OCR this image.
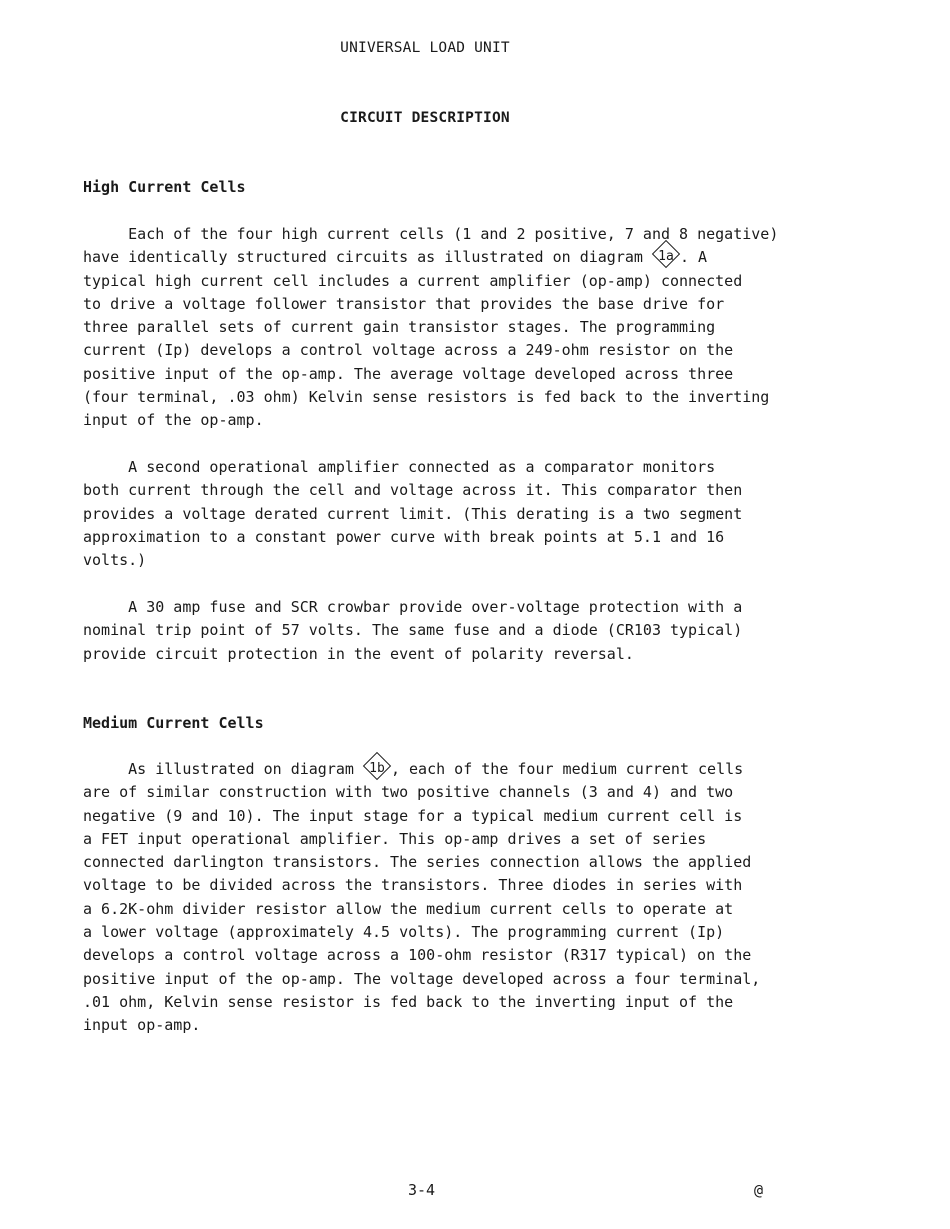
UNIVERSAL LOAD UNIT
CIRCUIT DESCRIPTION
High Current Cells
Each of the four high current cells (1 and 2 positive, 7 and 8 negative)
have identically structured circuits as illustrated on diagram 1a . A
typical high current cell includes a current amplifier (op-amp) connected
to drive a voltage follower transistor that provides the base drive for
three parallel sets of current gain transistor stages. The programming
current (Ip) develops a control voltage across a 249-ohm resistor on the
positive input of the op-amp. The average voltage developed across three
(four terminal, .03 ohm) Kelvin sense resistors is fed back to the inverting
input of the op-amp.
A second operational amplifier connected as a comparator monitors
both current through the cell and voltage across it. This comparator then
provides a voltage derated current limit. (This derating is a two segment
approximation to a constant power curve with break points at 5.1 and 16
volts.)
A 30 amp fuse and SCR crowbar provide over-voltage protection with a
nominal trip point of 57 volts. The same fuse and a diode (CR103 typical)
provide circuit protection in the event of polarity reversal.
Medium Current Cells
As illustrated on diagram 1b , each of the four medium current cells
are of similar construction with two positive channels (3 and 4) and two
negative (9 and 10). The input stage for a typical medium current cell is
a FET input operational amplifier. This op-amp drives a set of series
connected darlington transistors. The series connection allows the applied
voltage to be divided across the transistors. Three diodes in series with
a 6.2K-ohm divider resistor allow the medium current cells to operate at
a lower voltage (approximately 4.5 volts). The programming current (Ip)
develops a control voltage across a 100-ohm resistor (R317 typical) on the
positive input of the op-amp. The voltage developed across a four terminal,
.01 ohm, Kelvin sense resistor is fed back to the inverting input of the
input op-amp.
3-4	@
